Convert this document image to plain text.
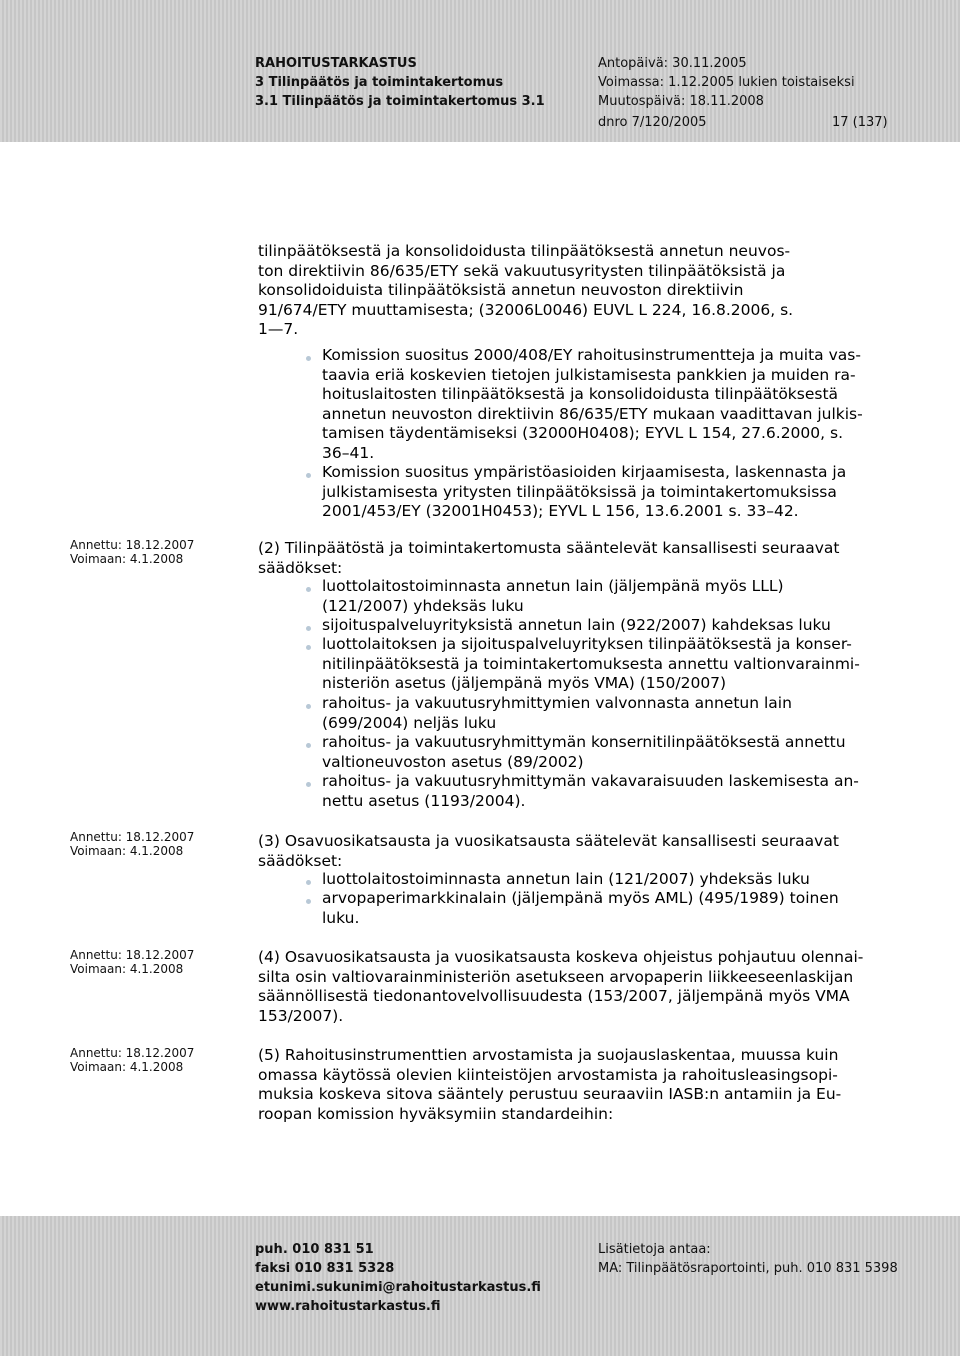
RAHOITUSTARKASTUS
3 Tilinpäätös ja toimintakertomus
3.1 Tilinpäätös ja toimintakertomus 3.1
Antopäivä: 30.11.2005
Voimassa: 1.12.2005 lukien toistaiseksi
Muutospäivä: 18.11.2008
dnro 7/120/2005	17 (137)
tilinpäätöksestä ja konsolidoidusta tilinpäätöksestä annetun neuvos-
ton direktiivin 86/635/ETY sekä vakuutusyritysten tilinpäätöksistä ja
konsolidoiduista tilinpäätöksistä annetun neuvoston direktiivin
91/674/ETY muuttamisesta; (32006L0046) EUVL L 224, 16.8.2006, s.
1—7.
Komission suositus 2000/408/EY rahoitusinstrumentteja ja muita vas-
taavia eriä koskevien tietojen julkistamisesta pankkien ja muiden ra-
hoituslaitosten tilinpäätöksestä ja konsolidoidusta tilinpäätöksestä
annetun neuvoston direktiivin 86/635/ETY mukaan vaadittavan julkis-
tamisen täydentämiseksi (32000H0408); EYVL L 154, 27.6.2000, s.
36–41.
Komission suositus ympäristöasioiden kirjaamisesta, laskennasta ja
julkistamisesta yritysten tilinpäätöksissä ja toimintakertomuksissa
2001/453/EY (32001H0453); EYVL L 156, 13.6.2001 s. 33–42.
Annettu: 18.12.2007
Voimaan: 4.1.2008
Annettu: 18.12.2007
Voimaan: 4.1.2008
Annettu: 18.12.2007
Voimaan: 4.1.2008
Annettu: 18.12.2007
Voimaan: 4.1.2008
(2) Tilinpäätöstä ja toimintakertomusta sääntelevät kansallisesti seuraavat
säädökset:
luottolaitostoiminnasta annetun lain (jäljempänä myös LLL)
(121/2007) yhdeksäs luku
sijoituspalveluyrityksistä annetun lain (922/2007) kahdeksas luku
luottolaitoksen ja sijoituspalveluyrityksen tilinpäätöksestä ja konser-
nitilinpäätöksestä ja toimintakertomuksesta annettu valtionvarainmi-
nisteriön asetus (jäljempänä myös VMA) (150/2007)
rahoitus- ja vakuutusryhmittymien valvonnasta annetun lain
(699/2004) neljäs luku
rahoitus- ja vakuutusryhmittymän konsernitilinpäätöksestä annettu
valtioneuvoston asetus (89/2002)
rahoitus- ja vakuutusryhmittymän vakavaraisuuden laskemisesta an-
nettu asetus (1193/2004).
(3) Osavuosikatsausta ja vuosikatsausta säätelevät kansallisesti seuraavat
säädökset:
luottolaitostoiminnasta annetun lain (121/2007) yhdeksäs luku
arvopaperimarkkinalain (jäljempänä myös AML) (495/1989) toinen
luku.
(4) Osavuosikatsausta ja vuosikatsausta koskeva ohjeistus pohjautuu olennai-
silta osin valtiovarainministeriön asetukseen arvopaperin liikkeeseenlaskijan
säännöllisestä tiedonantovelvollisuudesta (153/2007, jäljempänä myös VMA
153/2007).
(5) Rahoitusinstrumenttien arvostamista ja suojauslaskentaa, muussa kuin
omassa käytössä olevien kiinteistöjen arvostamista ja rahoitusleasingsopi-
muksia koskeva sitova sääntely perustuu seuraaviin IASB:n antamiin ja Eu-
roopan komission hyväksymiin standardeihin:
puh. 010 831 51
faksi 010 831 5328
etunimi.sukunimi@rahoitustarkastus.fi
www.rahoitustarkastus.fi
Lisätietoja antaa:
MA: Tilinpäätösraportointi, puh. 010 831 5398
